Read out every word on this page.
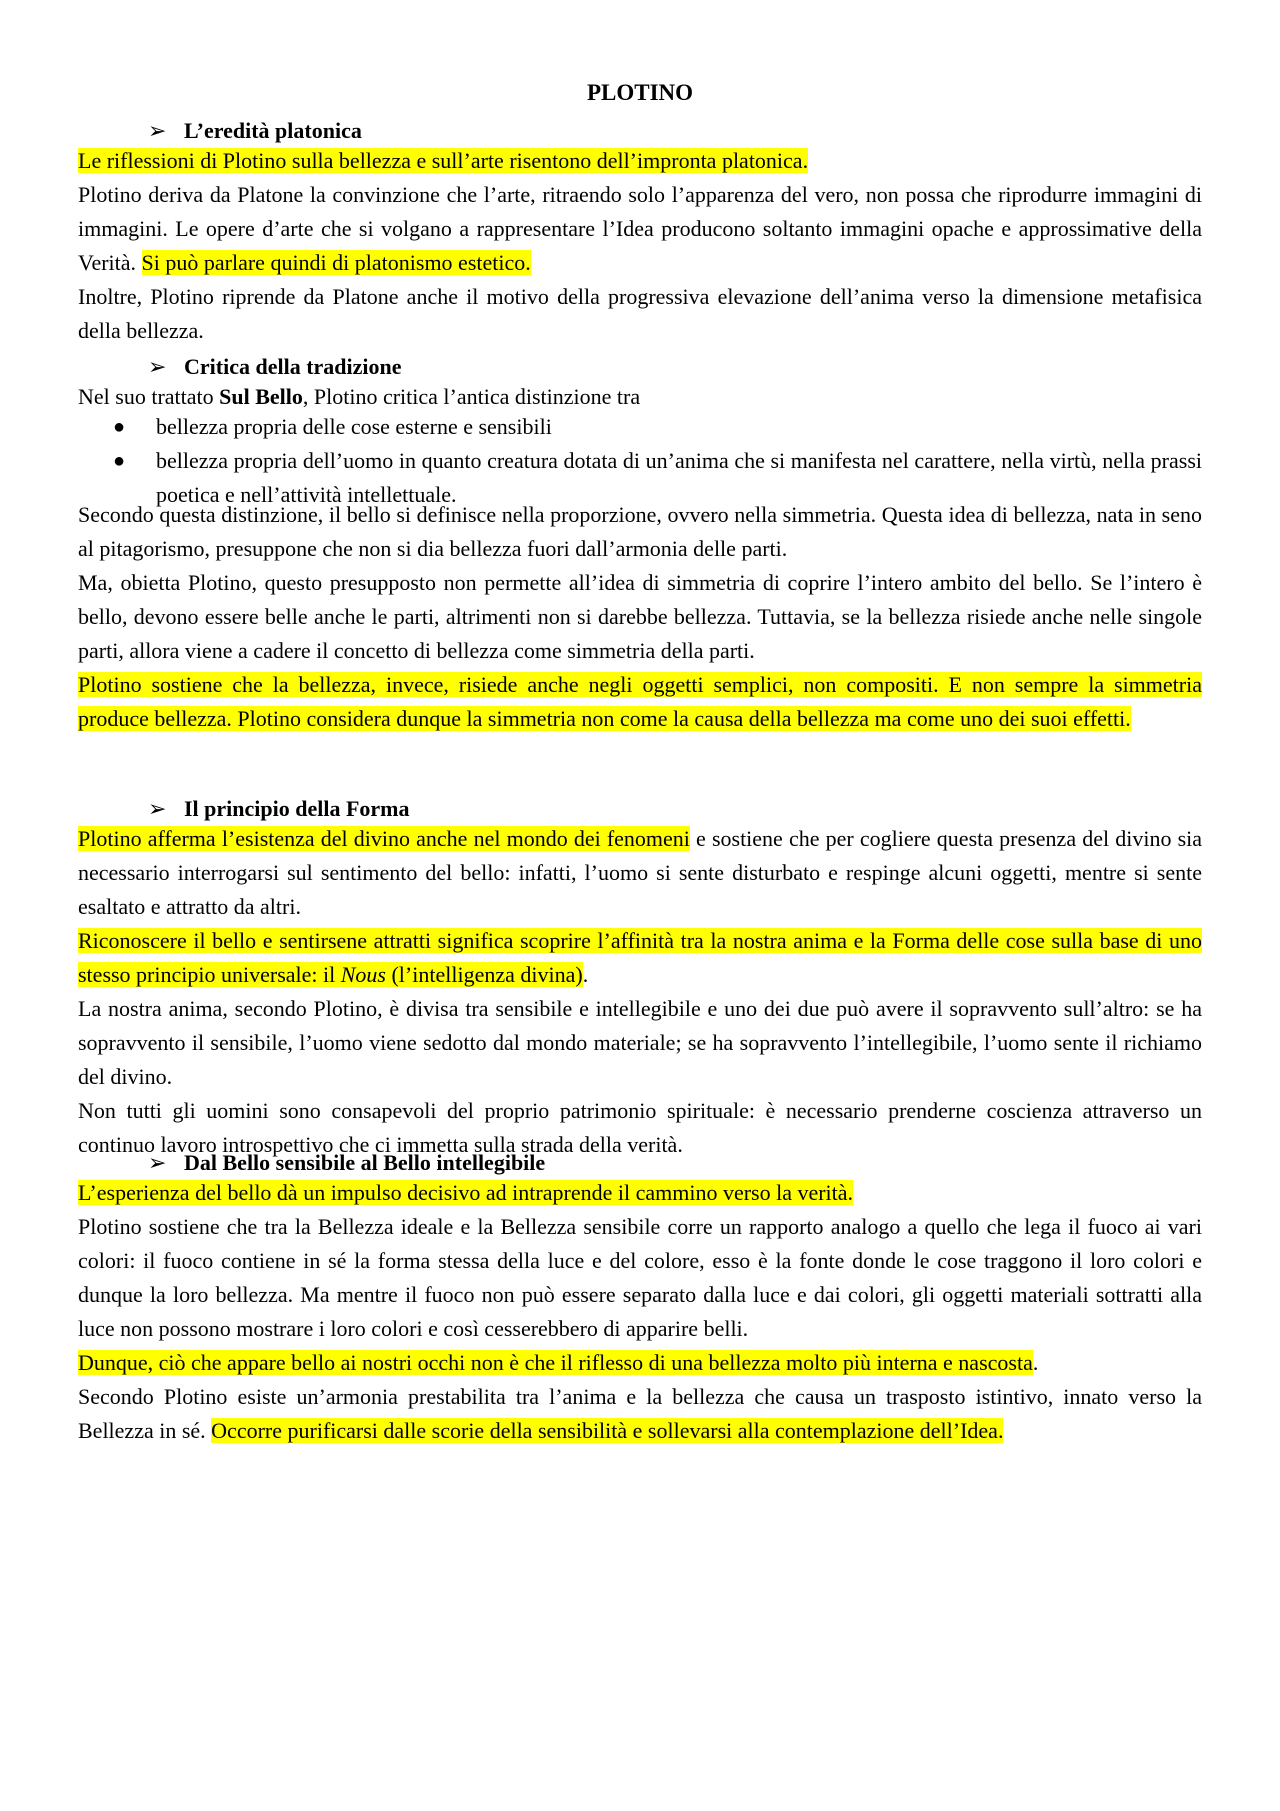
PLOTINO
➢ L’eredità platonica

Le riflessioni di Plotino sulla bellezza e sull’arte risentono dell’impronta platonica.

Plotino deriva da Platone la convinzione che l’arte, ritraendo solo l’apparenza del vero, non possa che riprodurre immagini di immagini. Le opere d’arte che si volgano a rappresentare l’Idea producono soltanto immagini opache e approssimative della Verità. Si può parlare quindi di platonismo estetico.

Inoltre, Plotino riprende da Platone anche il motivo della progressiva elevazione dell’anima verso la dimensione metafisica della bellezza.

➢ Critica della tradizione

Nel suo trattato Sul Bello, Plotino critica l’antica distinzione tra

● bellezza propria delle cose esterne e sensibili
● bellezza propria dell’uomo in quanto creatura dotata di un’anima che si manifesta nel carattere, nella virtù, nella prassi poetica e nell’attività intellettuale.

Secondo questa distinzione, il bello si definisce nella proporzione, ovvero nella simmetria. Questa idea di bellezza, nata in seno al pitagorismo, presuppone che non si dia bellezza fuori dall’armonia delle parti.

Ma, obietta Plotino, questo presupposto non permette all’idea di simmetria di coprire l’intero ambito del bello. Se l’intero è bello, devono essere belle anche le parti, altrimenti non si darebbe bellezza. Tuttavia, se la bellezza risiede anche nelle singole parti, allora viene a cadere il concetto di bellezza come simmetria della parti.

Plotino sostiene che la bellezza, invece, risiede anche negli oggetti semplici, non compositi. E non sempre la simmetria produce bellezza. Plotino considera dunque la simmetria non come la causa della bellezza ma come uno dei suoi effetti.

➢ Il principio della Forma

Plotino afferma l’esistenza del divino anche nel mondo dei fenomeni e sostiene che per cogliere questa presenza del divino sia necessario interrogarsi sul sentimento del bello: infatti, l’uomo si sente disturbato e respinge alcuni oggetti, mentre si sente esaltato e attratto da altri.

Riconoscere il bello e sentirsene attratti significa scoprire l’affinità tra la nostra anima e la Forma delle cose sulla base di uno stesso principio universale: il Nous (l’intelligenza divina).

La nostra anima, secondo Plotino, è divisa tra sensibile e intellegibile e uno dei due può avere il sopravvento sull’altro: se ha sopravvento il sensibile, l’uomo viene sedotto dal mondo materiale; se ha sopravvento l’intellegibile, l’uomo sente il richiamo del divino.

Non tutti gli uomini sono consapevoli del proprio patrimonio spirituale: è necessario prenderne coscienza attraverso un continuo lavoro introspettivo che ci immetta sulla strada della verità.

➢ Dal Bello sensibile al Bello intellegibile

L’esperienza del bello dà un impulso decisivo ad intraprende il cammino verso la verità.

Plotino sostiene che tra la Bellezza ideale e la Bellezza sensibile corre un rapporto analogo a quello che lega il fuoco ai vari colori: il fuoco contiene in sé la forma stessa della luce e del colore, esso è la fonte donde le cose traggono il loro colori e dunque la loro bellezza. Ma mentre il fuoco non può essere separato dalla luce e dai colori, gli oggetti materiali sottratti alla luce non possono mostrare i loro colori e così cesserebbero di apparire belli.

Dunque, ciò che appare bello ai nostri occhi non è che il riflesso di una bellezza molto più interna e nascosta.

Secondo Plotino esiste un’armonia prestabilita tra l’anima e la bellezza che causa un trasposto istintivo, innato verso la Bellezza in sé. Occorre purificarsi dalle scorie della sensibilità e sollevarsi alla contemplazione dell’Idea.
